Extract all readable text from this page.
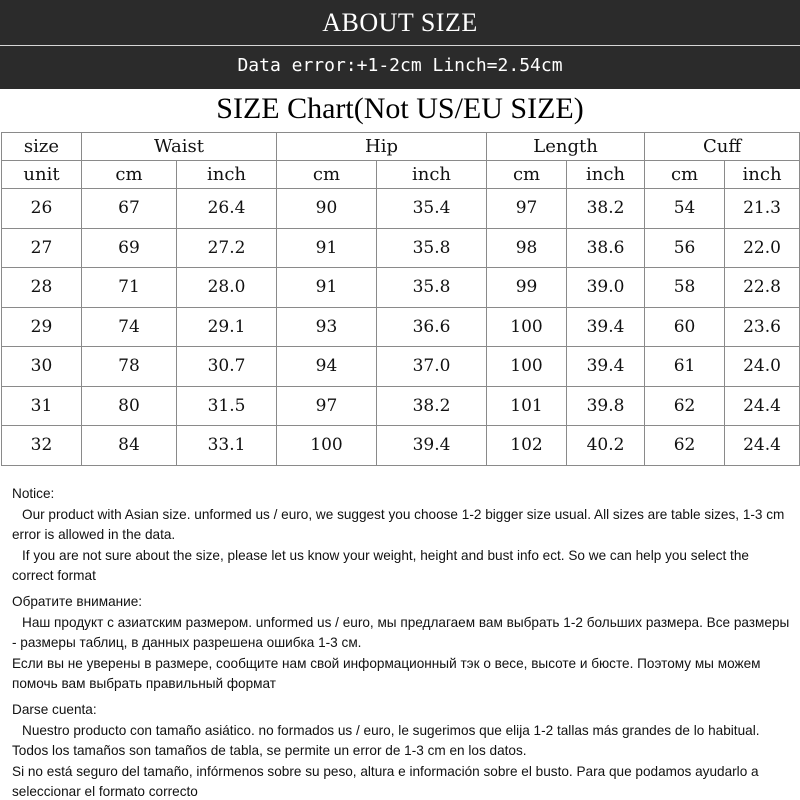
ABOUT SIZE
Data error:+1-2cm Linch=2.54cm
SIZE Chart(Not US/EU SIZE)
size	Waist		Hip		Length		Cuff	
unit	cm	inch	cm	inch	cm	inch	cm	inch
26	67	26.4	90	35.4	97	38.2	54	21.3
27	69	27.2	91	35.8	98	38.6	56	22.0
28	71	28.0	91	35.8	99	39.0	58	22.8
29	74	29.1	93	36.6	100	39.4	60	23.6
30	78	30.7	94	37.0	100	39.4	61	24.0
31	80	31.5	97	38.2	101	39.8	62	24.4
32	84	33.1	100	39.4	102	40.2	62	24.4

Notice:

Our product with Asian size. unformed us / euro, we suggest you choose 1-2 bigger size usual. All sizes are table sizes, 1-3 cm error is allowed in the data.

If you are not sure about the size, please let us know your weight, height and bust info ect. So we can help you select the correct format

Обратите внимание:

Наш продукт с азиатским размером. unformed us / euro, мы предлагаем вам выбрать 1-2 больших размера. Все размеры - размеры таблиц, в данных разрешена ошибка 1-3 см.

Если вы не уверены в размере, сообщите нам свой информационный тэк о весе, высоте и бюсте. Поэтому мы можем помочь вам выбрать правильный формат

Darse cuenta:

Nuestro producto con tamaño asiático. no formados us / euro, le sugerimos que elija 1-2 tallas más grandes de lo habitual. Todos los tamaños son tamaños de tabla, se permite un error de 1-3 cm en los datos.

Si no está seguro del tamaño, infórmenos sobre su peso, altura e información sobre el busto. Para que podamos ayudarlo a seleccionar el formato correcto
